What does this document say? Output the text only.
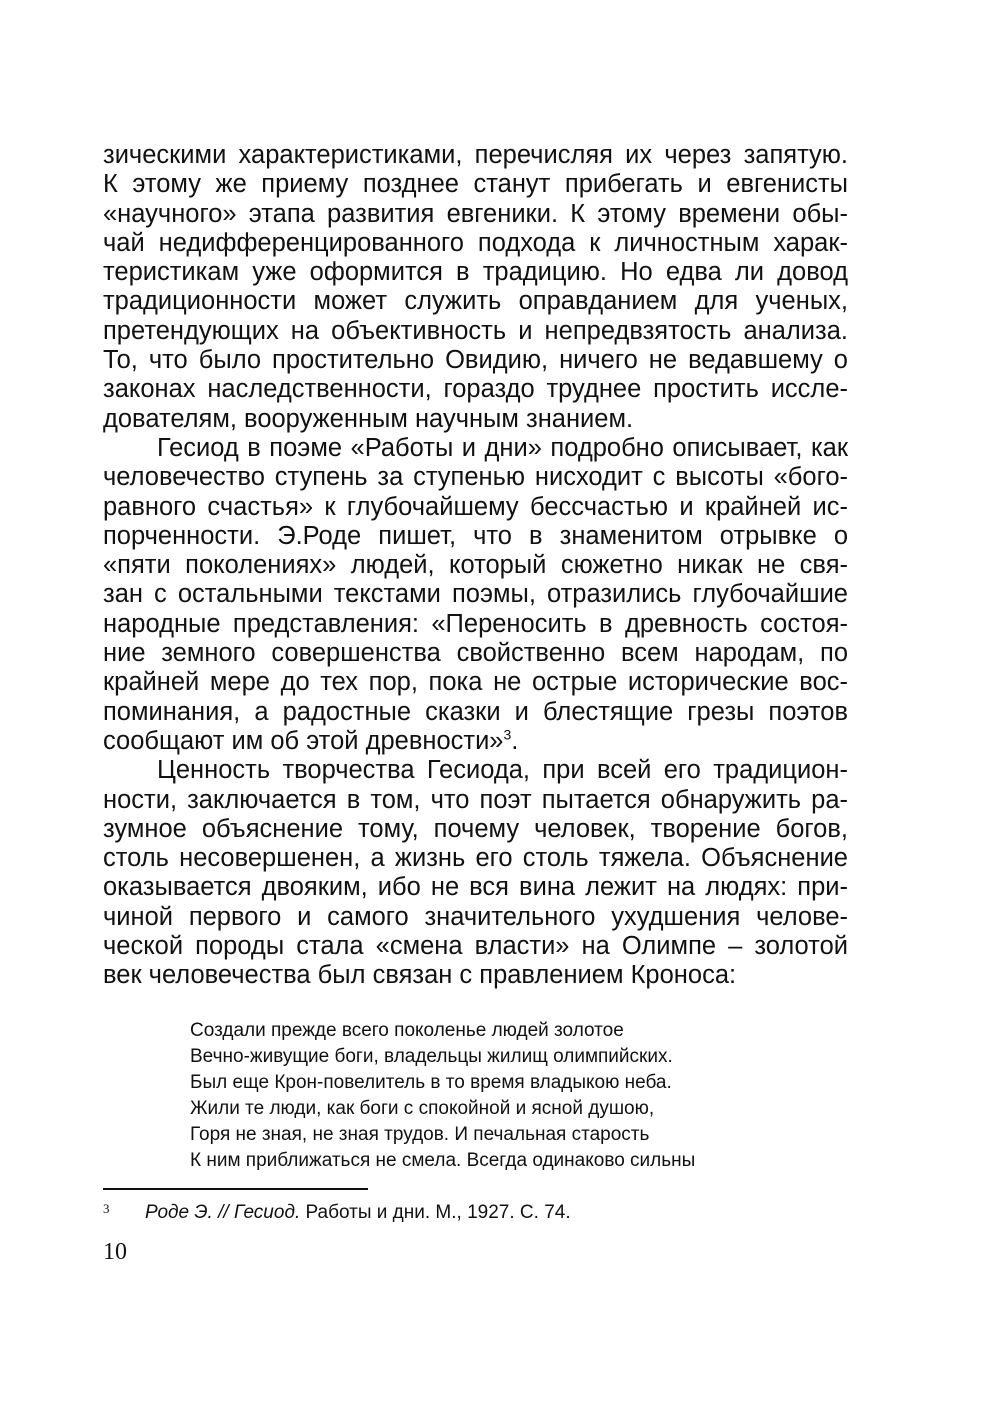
зическими характеристиками, перечисляя их через запятую.
К этому же приему позднее станут прибегать и евгенисты
«научного» этапа развития евгеники. К этому времени обы-
чай недифференцированного подхода к личностным харак-
теристикам уже оформится в традицию. Но едва ли довод
традиционности может служить оправданием для ученых,
претендующих на объективность и непредвзятость анализа.
То, что было простительно Овидию, ничего не ведавшему о
законах наследственности, гораздо труднее простить иссле-
дователям, вооруженным научным знанием.
Гесиод в поэме «Работы и дни» подробно описывает, как
человечество ступень за ступенью нисходит с высоты «бого-
равного счастья» к глубочайшему бессчастью и крайней ис-
порченности. Э.Роде пишет, что в знаменитом отрывке о
«пяти поколениях» людей, который сюжетно никак не свя-
зан с остальными текстами поэмы, отразились глубочайшие
народные представления: «Переносить в древность состоя-
ние земного совершенства свойственно всем народам, по
крайней мере до тех пор, пока не острые исторические вос-
поминания, а радостные сказки и блестящие грезы поэтов
сообщают им об этой древности»$^3$.
Ценность творчества Гесиода, при всей его традицион-
ности, заключается в том, что поэт пытается обнаружить ра-
зумное объяснение тому, почему человек, творение богов,
столь несовершенен, а жизнь его столь тяжела. Объяснение
оказывается двояким, ибо не вся вина лежит на людях: при-
чиной первого и самого значительного ухудшения челове-
ческой породы стала «смена власти» на Олимпе – золотой
век человечества был связан с правлением Кроноса:
Создали прежде всего поколенье людей золотое
Вечно-живущие боги, владельцы жилищ олимпийских.
Был еще Крон-повелитель в то время владыкою неба.
Жили те люди, как боги с спокойной и ясной душою,
Горя не зная, не зная трудов. И печальная старость
К ним приближаться не смела. Всегда одинаково сильны
3 Роде Э. // Гесиод. Работы и дни. М., 1927. С. 74.
10
